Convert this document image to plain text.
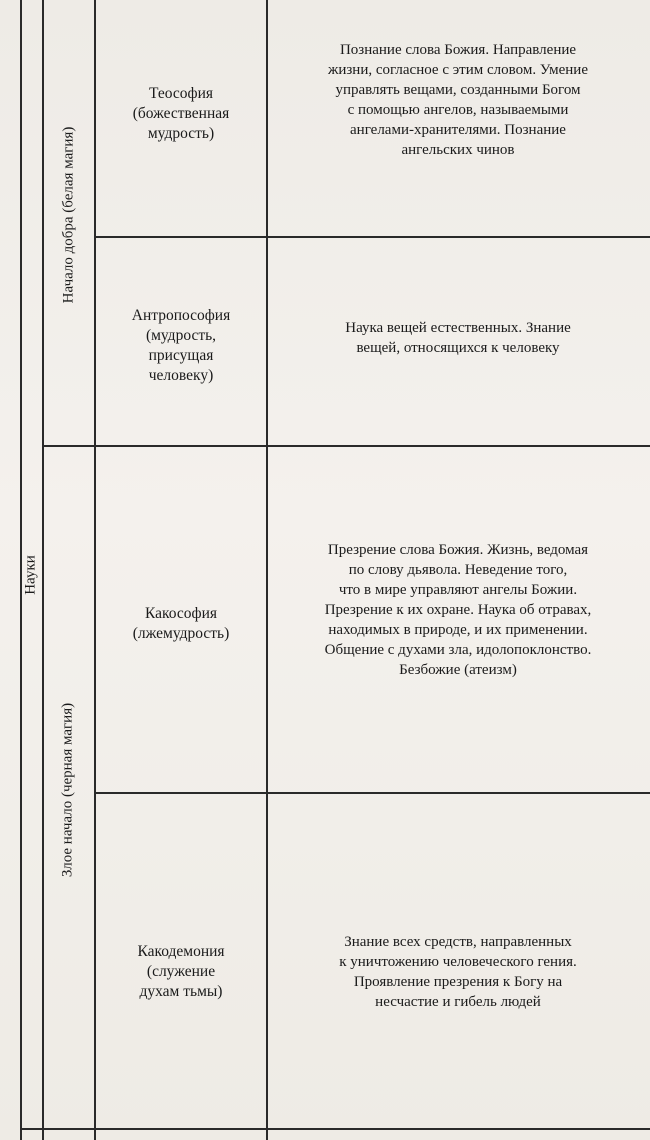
Науки
Начало добра (белая магия)
Злое начало (черная магия)
Теософия
(божественная
мудрость)
Познание слова Божия. Направление
жизни, согласное с этим словом. Умение
управлять вещами, созданными Богом
с помощью ангелов, называемыми
ангелами-хранителями. Познание
ангельских чинов
Антропософия
(мудрость,
присущая
человеку)
Наука вещей естественных. Знание
вещей, относящихся к человеку
Какософия
(лжемудрость)
Презрение слова Божия. Жизнь, ведомая
по слову дьявола. Неведение того,
что в мире управляют ангелы Божии.
Презрение к их охране. Наука об отравах,
находимых в природе, и их применении.
Общение с духами зла, идолопоклонство.
Безбожие (атеизм)
Какодемония
(служение
духам тьмы)
Знание всех средств, направленных
к уничтожению человеческого гения.
Проявление презрения к Богу на
несчастие и гибель людей
